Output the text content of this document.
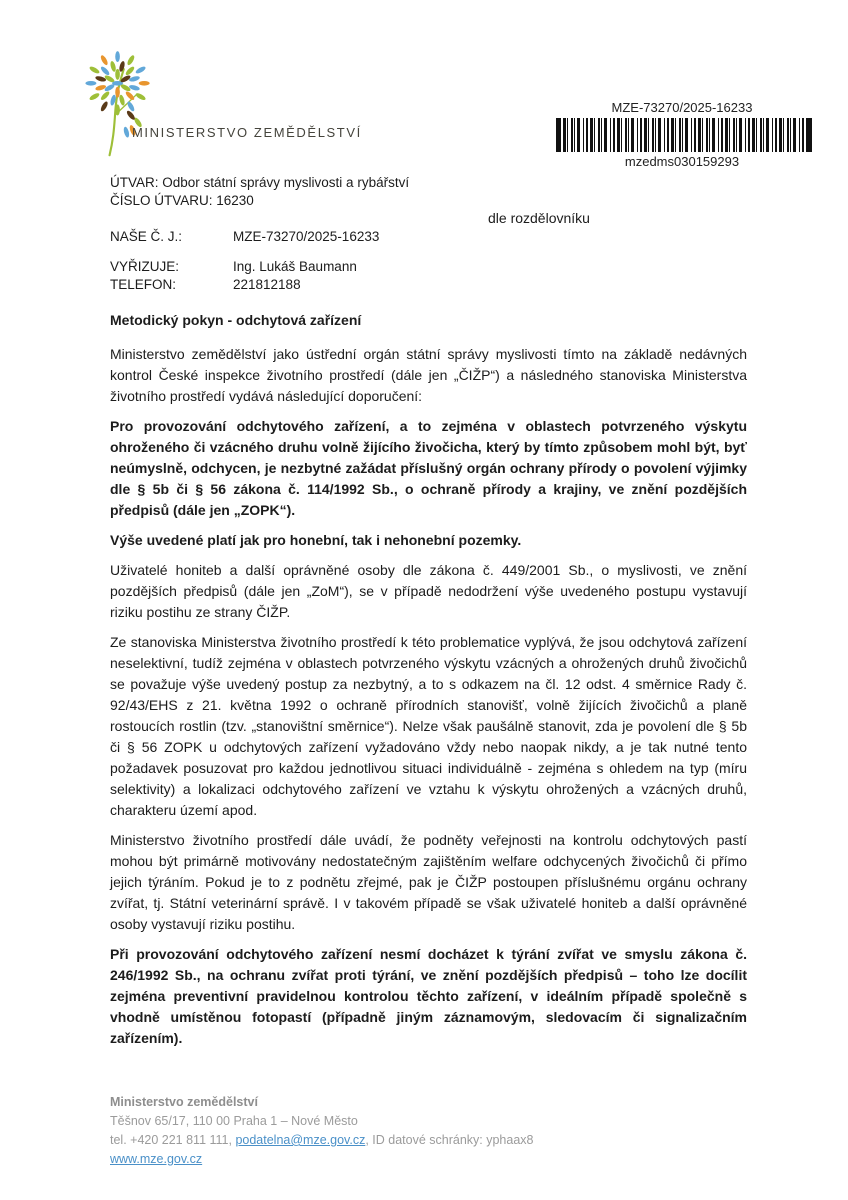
MINISTERSTVO ZEMĚDĚLSTVÍ
MZE-73270/2025-16233
mzedms030159293
ÚTVAR: Odbor státní správy myslivosti a rybářství
ČÍSLO ÚTVARU: 16230
NAŠE Č. J.:	MZE-73270/2025-16233
dle rozdělovníku
VYŘIZUJE:	Ing. Lukáš Baumann
TELEFON:	221812188

Metodický pokyn - odchytová zařízení

Ministerstvo zemědělství jako ústřední orgán státní správy myslivosti tímto na základě nedávných kontrol České inspekce životního prostředí (dále jen „ČIŽP“) a následného stanoviska Ministerstva životního prostředí vydává následující doporučení:

Pro provozování odchytového zařízení, a to zejména v oblastech potvrzeného výskytu ohroženého či vzácného druhu volně žijícího živočicha, který by tímto způsobem mohl být, byť neúmyslně, odchycen, je nezbytné zažádat příslušný orgán ochrany přírody o povolení výjimky dle § 5b či § 56 zákona č. 114/1992 Sb., o ochraně přírody a krajiny, ve znění pozdějších předpisů (dále jen „ZOPK“).

Výše uvedené platí jak pro honební, tak i nehonební pozemky.

Uživatelé honiteb a další oprávněné osoby dle zákona č. 449/2001 Sb., o myslivosti, ve znění pozdějších předpisů (dále jen „ZoM“), se v případě nedodržení výše uvedeného postupu vystavují riziku postihu ze strany ČIŽP.

Ze stanoviska Ministerstva životního prostředí k této problematice vyplývá, že jsou odchytová zařízení neselektivní, tudíž zejména v oblastech potvrzeného výskytu vzácných a ohrožených druhů živočichů se považuje výše uvedený postup za nezbytný, a to s odkazem na čl. 12 odst. 4 směrnice Rady č. 92/43/EHS z 21. května 1992 o ochraně přírodních stanovišť, volně žijících živočichů a planě rostoucích rostlin (tzv. „stanovištní směrnice“). Nelze však paušálně stanovit, zda je povolení dle § 5b či § 56 ZOPK u odchytových zařízení vyžadováno vždy nebo naopak nikdy, a je tak nutné tento požadavek posuzovat pro každou jednotlivou situaci individuálně - zejména s ohledem na typ (míru selektivity) a lokalizaci odchytového zařízení ve vztahu k výskytu ohrožených a vzácných druhů, charakteru území apod.

Ministerstvo životního prostředí dále uvádí, že podněty veřejnosti na kontrolu odchytových pastí mohou být primárně motivovány nedostatečným zajištěním welfare odchycených živočichů či přímo jejich týráním. Pokud je to z podnětu zřejmé, pak je ČIŽP postoupen příslušnému orgánu ochrany zvířat, tj. Státní veterinární správě. I v takovém případě se však uživatelé honiteb a další oprávněné osoby vystavují riziku postihu.

Při provozování odchytového zařízení nesmí docházet k týrání zvířat ve smyslu zákona č. 246/1992 Sb., na ochranu zvířat proti týrání, ve znění pozdějších předpisů – toho lze docílit zejména preventivní pravidelnou kontrolou těchto zařízení, v ideálním případě společně s vhodně umístěnou fotopastí (případně jiným záznamovým, sledovacím či signalizačním zařízením).

Ministerstvo zemědělství
Těšnov 65/17, 110 00 Praha 1 – Nové Město
tel. +420 221 811 111, podatelna@mze.gov.cz, ID datové schránky: yphaax8
www.mze.gov.cz
